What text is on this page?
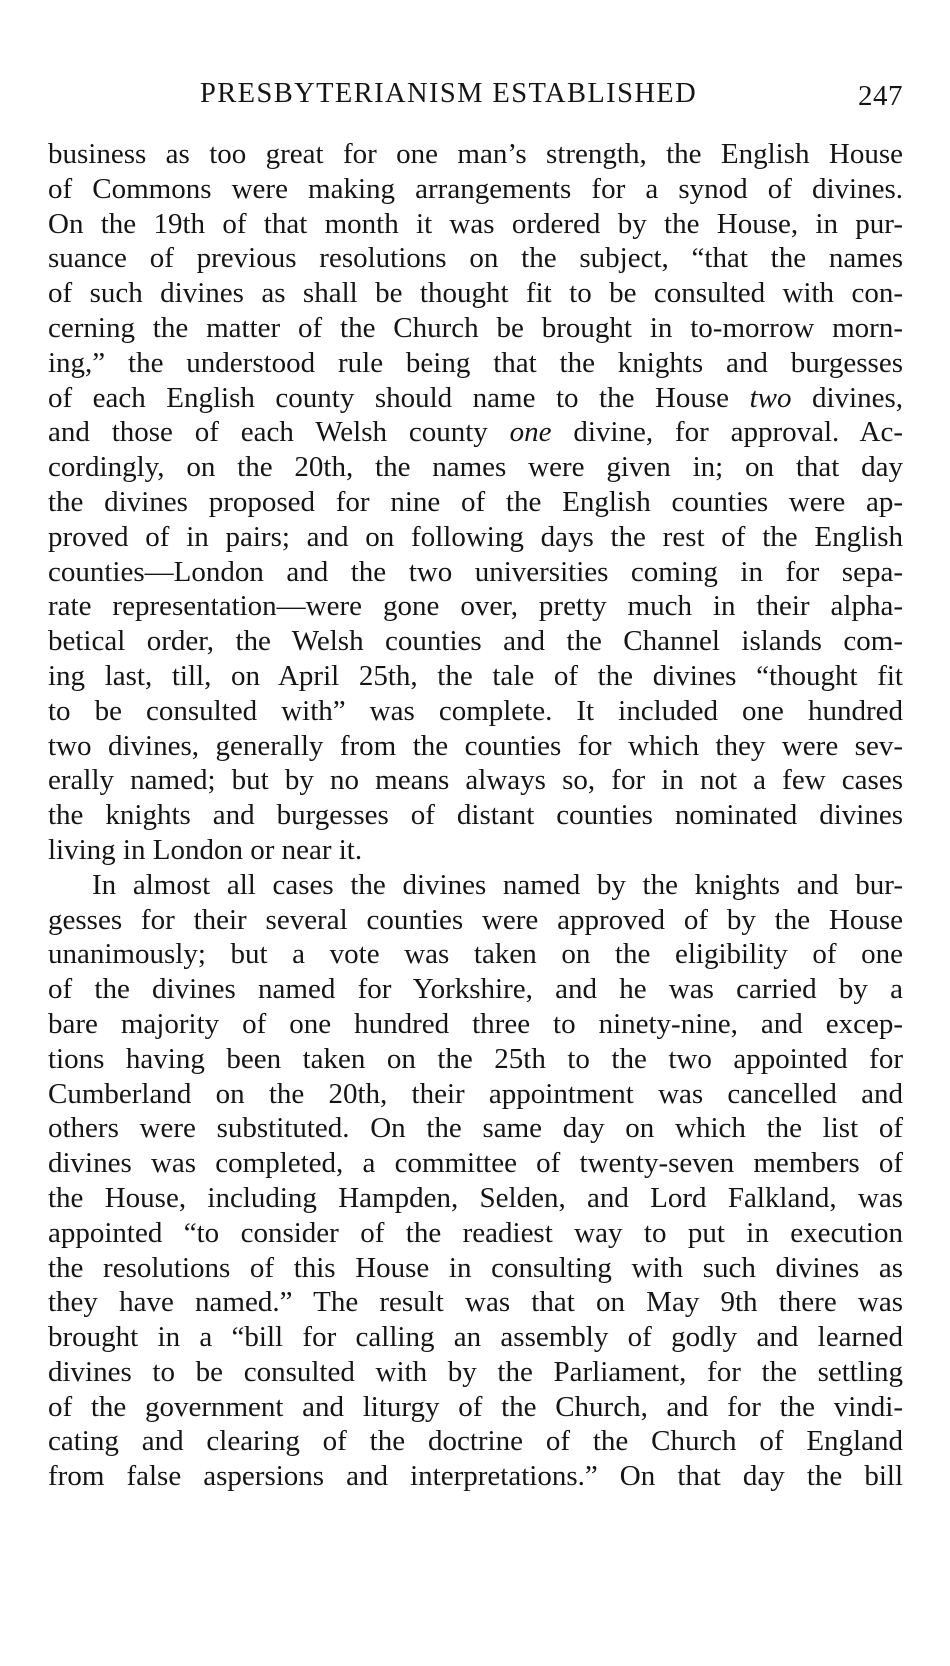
PRESBYTERIANISM ESTABLISHED	247
business as too great for one man’s strength, the English House
of Commons were making arrangements for a synod of divines.
On the 19th of that month it was ordered by the House, in pur-
suance of previous resolutions on the subject, “that the names
of such divines as shall be thought fit to be consulted with con-
cerning the matter of the Church be brought in to-morrow morn-
ing,” the understood rule being that the knights and burgesses
of each English county should name to the House two divines,
and those of each Welsh county one divine, for approval. Ac-
cordingly, on the 20th, the names were given in; on that day
the divines proposed for nine of the English counties were ap-
proved of in pairs; and on following days the rest of the English
counties—London and the two universities coming in for sepa-
rate representation—were gone over, pretty much in their alpha-
betical order, the Welsh counties and the Channel islands com-
ing last, till, on April 25th, the tale of the divines “thought fit
to be consulted with” was complete. It included one hundred
two divines, generally from the counties for which they were sev-
erally named; but by no means always so, for in not a few cases
the knights and burgesses of distant counties nominated divines
living in London or near it.
In almost all cases the divines named by the knights and bur-
gesses for their several counties were approved of by the House
unanimously; but a vote was taken on the eligibility of one
of the divines named for Yorkshire, and he was carried by a
bare majority of one hundred three to ninety-nine, and excep-
tions having been taken on the 25th to the two appointed for
Cumberland on the 20th, their appointment was cancelled and
others were substituted. On the same day on which the list of
divines was completed, a committee of twenty-seven members of
the House, including Hampden, Selden, and Lord Falkland, was
appointed “to consider of the readiest way to put in execution
the resolutions of this House in consulting with such divines as
they have named.” The result was that on May 9th there was
brought in a “bill for calling an assembly of godly and learned
divines to be consulted with by the Parliament, for the settling
of the government and liturgy of the Church, and for the vindi-
cating and clearing of the doctrine of the Church of England
from false aspersions and interpretations.” On that day the bill
